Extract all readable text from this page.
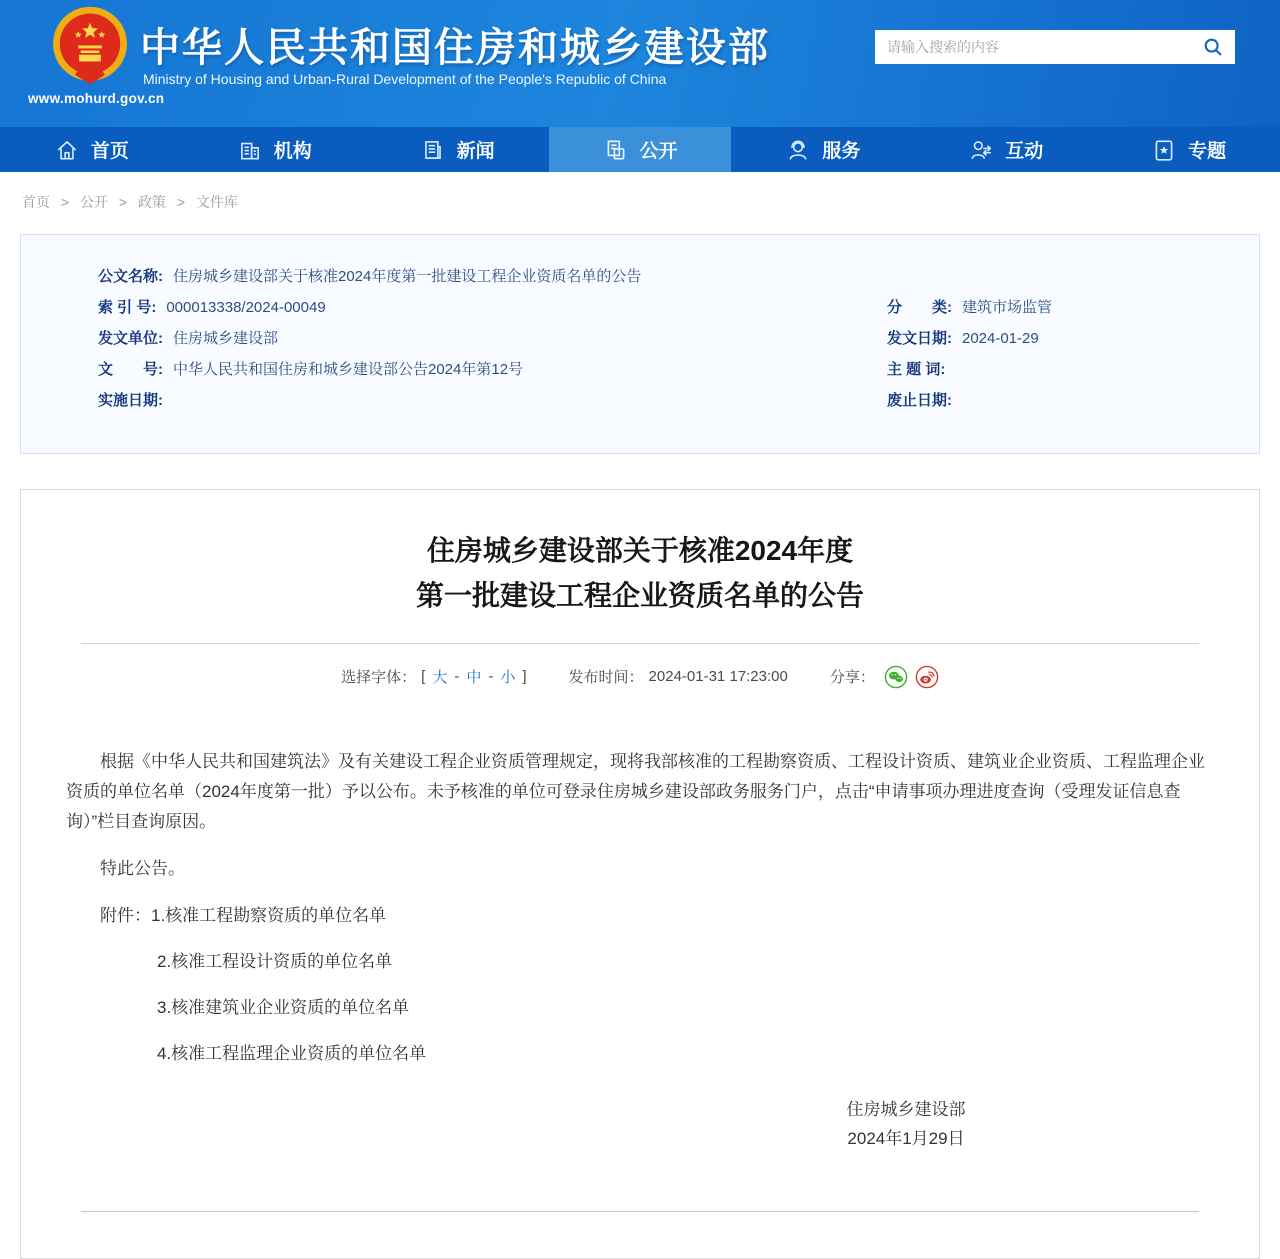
www.mohurd.gov.cn
中华人民共和国住房和城乡建设部
Ministry of Housing and Urban-Rural Development of the People's Republic of China
请输入搜索的内容
首页	机构	新闻	公开	服务	互动	专题
首页 > 公开 > 政策 > 文件库
公文名称: 住房城乡建设部关于核准2024年度第一批建设工程企业资质名单的公告
索 引 号: 000013338/2024-00049
发文单位: 住房城乡建设部
文　　号: 中华人民共和国住房和城乡建设部公告2024年第12号
实施日期:
分　　类: 建筑市场监管
发文日期: 2024-01-29
主 题 词:
废止日期:
住房城乡建设部关于核准2024年度
第一批建设工程企业资质名单的公告
选择字体： [ 大 - 中 - 小 ]	发布时间： 2024-01-31 17:23:00	分享：

根据《中华人民共和国建筑法》及有关建设工程企业资质管理规定，现将我部核准的工程勘察资质、工程设计资质、建筑业企业资质、工程监理企业资质的单位名单（2024年度第一批）予以公布。未予核准的单位可登录住房城乡建设部政务服务门户，点击“申请事项办理进度查询（受理发证信息查询）”栏目查询原因。

特此公告。

附件：1.核准工程勘察资质的单位名单
2.核准工程设计资质的单位名单
3.核准建筑业企业资质的单位名单
4.核准工程监理企业资质的单位名单
住房城乡建设部
2024年1月29日
